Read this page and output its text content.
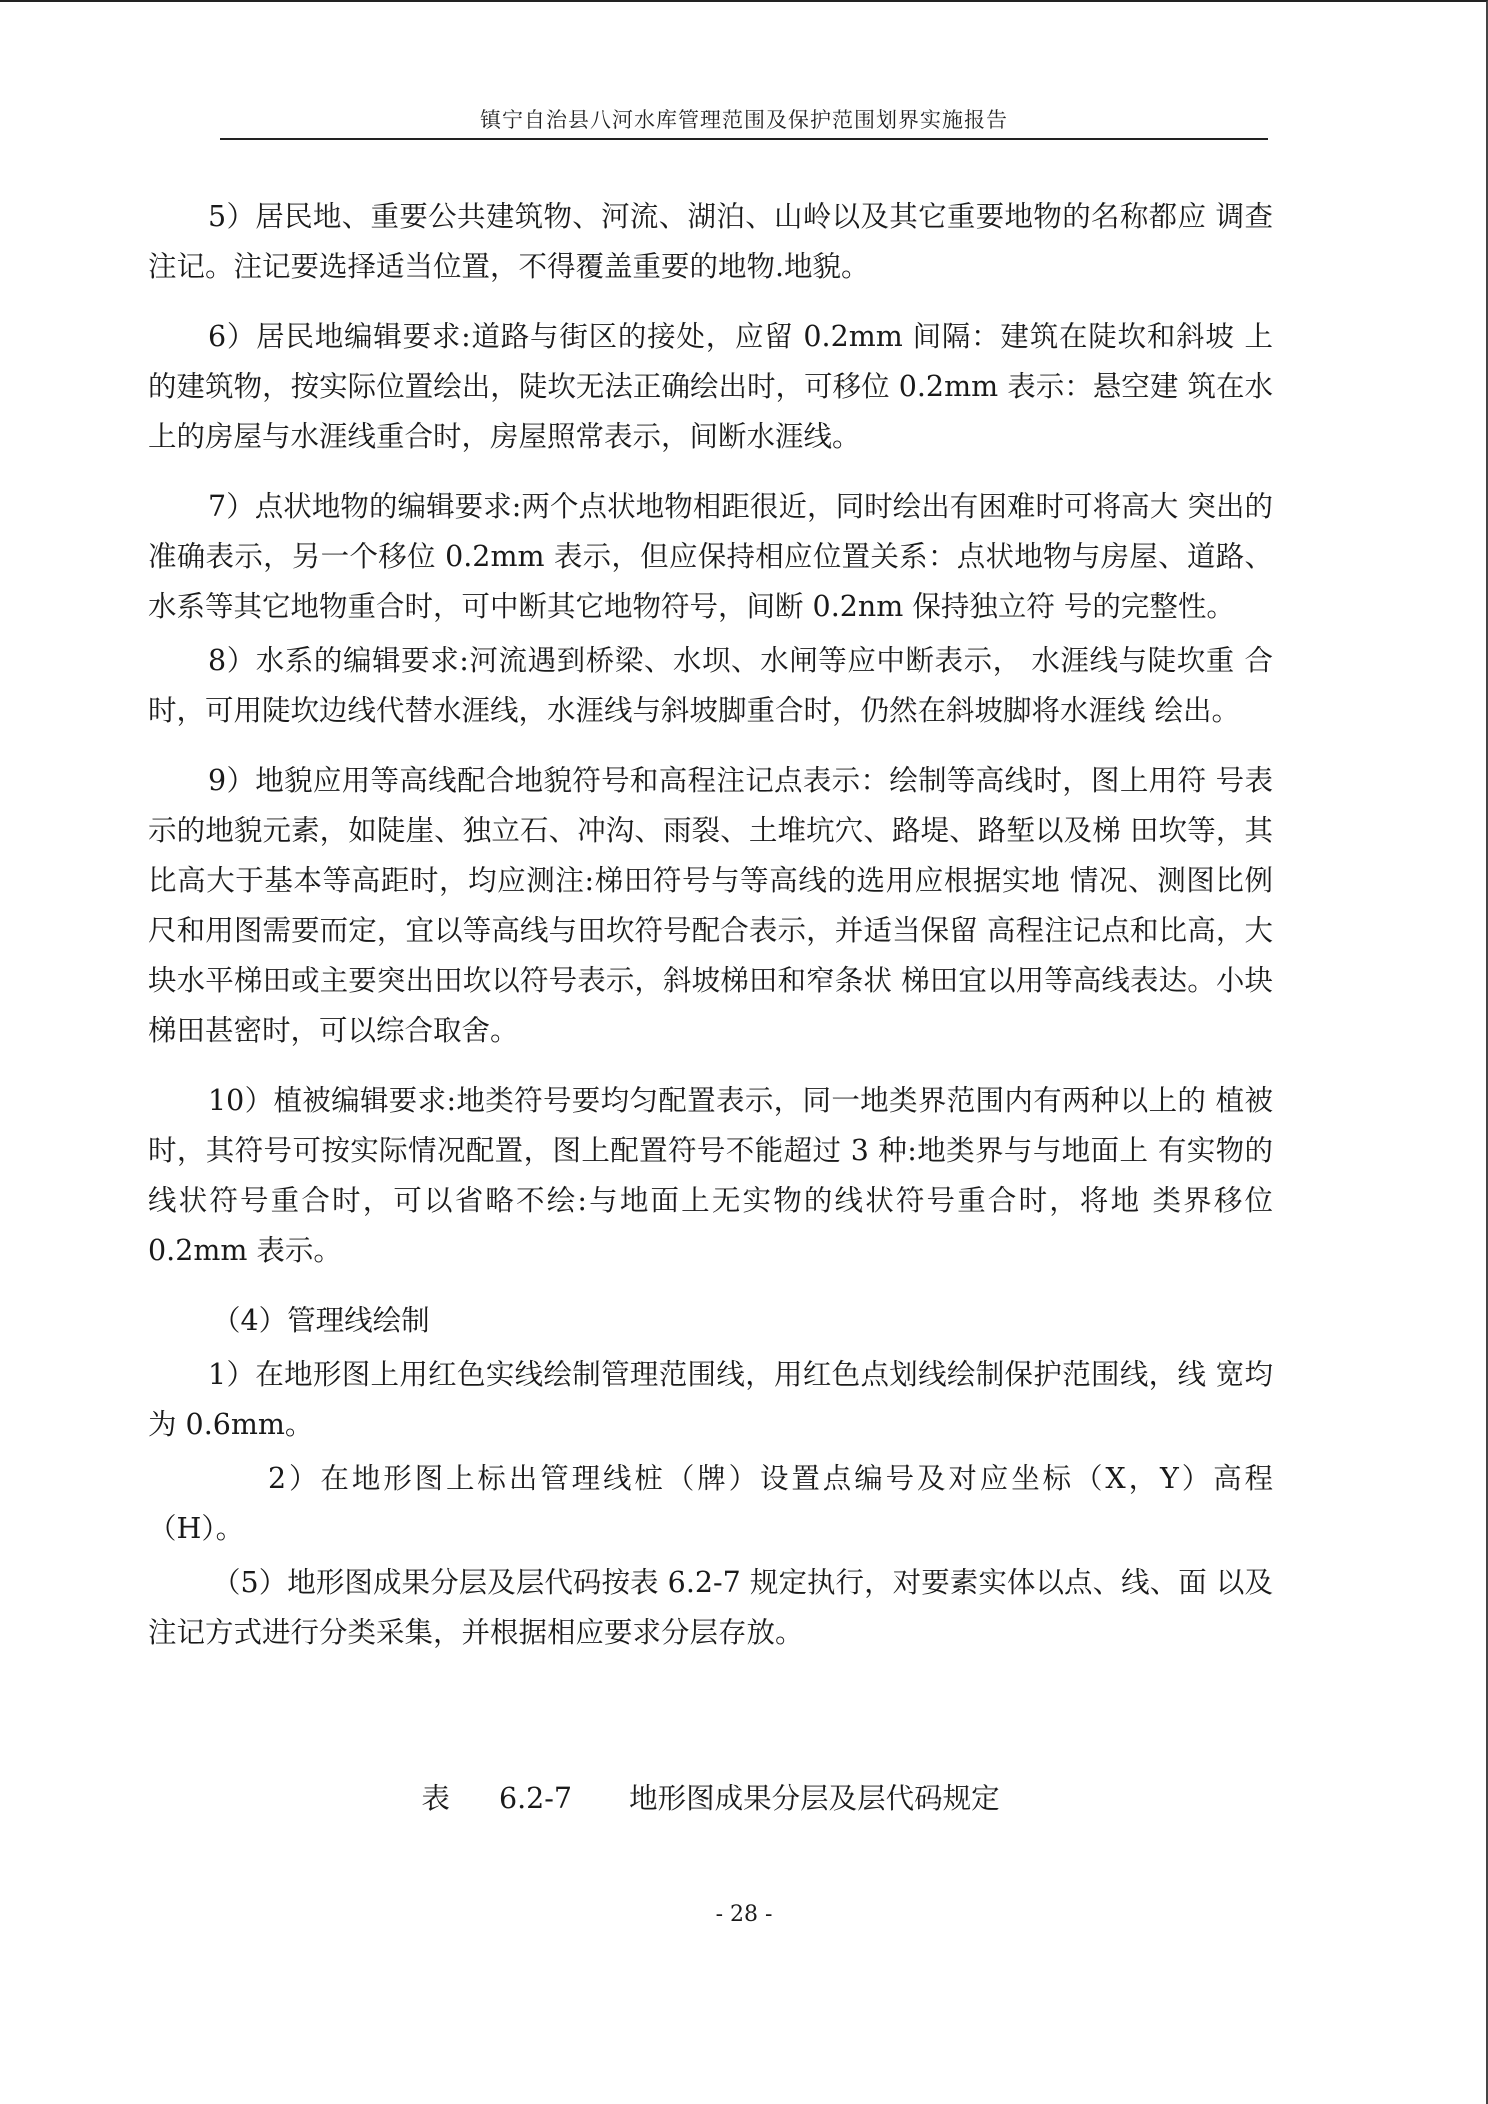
镇宁自治县八河水库管理范围及保护范围划界实施报告

5）居民地、重要公共建筑物、河流、湖泊、山岭以及其它重要地物的名称都应 调查注记。注记要选择适当位置，不得覆盖重要的地物.地貌。

6）居民地编辑要求:道路与街区的接处，应留 0.2mm 间隔：建筑在陡坎和斜坡 上的建筑物，按实际位置绘出，陡坎无法正确绘出时，可移位 0.2mm 表示：悬空建 筑在水上的房屋与水涯线重合时，房屋照常表示，间断水涯线。

7）点状地物的编辑要求:两个点状地物相距很近，同时绘出有困难时可将高大 突出的准确表示，另一个移位 0.2mm 表示，但应保持相应位置关系：点状地物与房屋、道路、水系等其它地物重合时，可中断其它地物符号，间断 0.2nm 保持独立符 号的完整性。

8）水系的编辑要求:河流遇到桥梁、水坝、水闸等应中断表示， 水涯线与陡坎重 合时，可用陡坎边线代替水涯线，水涯线与斜坡脚重合时，仍然在斜坡脚将水涯线 绘出。

9）地貌应用等高线配合地貌符号和高程注记点表示：绘制等高线时，图上用符 号表示的地貌元素，如陡崖、独立石、冲沟、雨裂、土堆坑穴、路堤、路堑以及梯 田坎等，其比高大于基本等高距时，均应测注:梯田符号与等高线的选用应根据实地 情况、测图比例尺和用图需要而定，宜以等高线与田坎符号配合表示，并适当保留 高程注记点和比高，大块水平梯田或主要突出田坎以符号表示，斜坡梯田和窄条状 梯田宜以用等高线表达。小块梯田甚密时，可以综合取舍。

10）植被编辑要求:地类符号要均匀配置表示，同一地类界范围内有两种以上的 植被时，其符号可按实际情况配置，图上配置符号不能超过 3 种:地类界与与地面上 有实物的线状符号重合时，可以省略不绘:与地面上无实物的线状符号重合时，将地 类界移位 0.2mm 表示。

（4）管理线绘制

1）在地形图上用红色实线绘制管理范围线，用红色点划线绘制保护范围线，线 宽均为 0.6mm。

2）在地形图上标出管理线桩（牌）设置点编号及对应坐标（X，Y）高程（H）。

（5）地形图成果分层及层代码按表 6.2-7 规定执行，对要素实体以点、线、面 以及注记方式进行分类采集，并根据相应要求分层存放。

表 6.2-7　　地形图成果分层及层代码规定
- 28 -
